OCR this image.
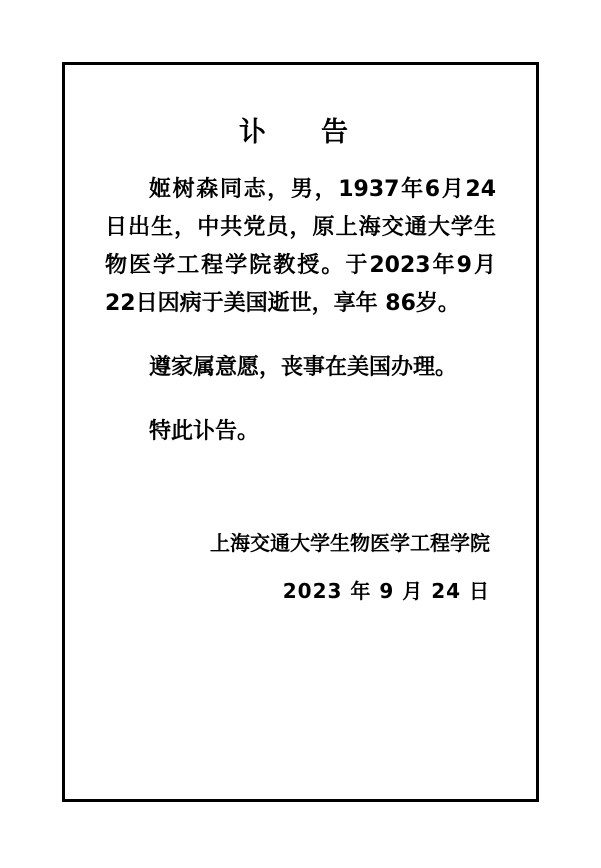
讣　告

姬树森同志，男，1937年6月24日出生，中共党员，原上海交通大学生物医学工程学院教授。于2023年9月22日因病于美国逝世，享年 86岁。

遵家属意愿，丧事在美国办理。

特此讣告。

上海交通大学生物医学工程学院

2023 年 9 月 24 日
